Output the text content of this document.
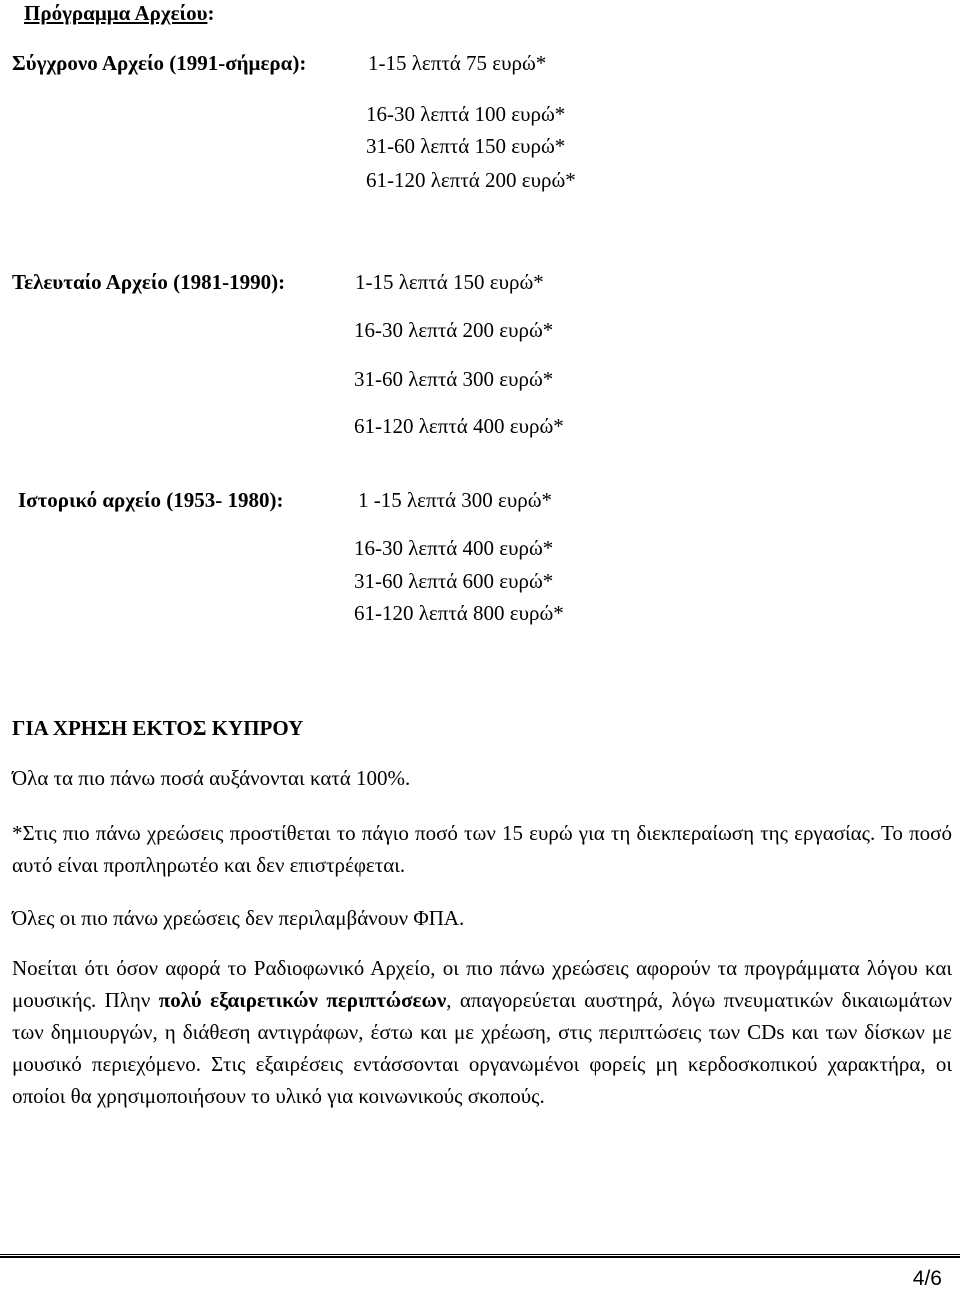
Πρόγραμμα Αρχείου:
Σύγχρονο Αρχείο (1991-σήμερα):	1-15 λεπτά 75 ευρώ*
16-30 λεπτά 100 ευρώ*
31-60 λεπτά 150 ευρώ*
61-120 λεπτά 200 ευρώ*
Τελευταίο Αρχείο (1981-1990):	1-15 λεπτά 150 ευρώ*
16-30 λεπτά 200 ευρώ*
31-60 λεπτά 300 ευρώ*
61-120 λεπτά 400 ευρώ*
Ιστορικό αρχείο (1953- 1980):	1 -15 λεπτά 300 ευρώ*
16-30 λεπτά 400 ευρώ*
31-60 λεπτά 600 ευρώ*
61-120 λεπτά 800 ευρώ*
ΓΙΑ ΧΡΗΣΗ ΕΚΤΟΣ ΚΥΠΡΟΥ
Όλα τα πιο πάνω ποσά αυξάνονται κατά 100%.
*Στις πιο πάνω χρεώσεις προστίθεται το πάγιο ποσό των 15 ευρώ για τη διεκπεραίωση της εργασίας. Το ποσό αυτό είναι προπληρωτέο και δεν επιστρέφεται.
Όλες οι πιο πάνω χρεώσεις δεν περιλαμβάνουν ΦΠΑ.
Νοείται ότι όσον αφορά το Ραδιοφωνικό Αρχείο, οι πιο πάνω χρεώσεις αφορούν τα προγράμματα λόγου και μουσικής. Πλην πολύ εξαιρετικών περιπτώσεων, απαγορεύεται αυστηρά, λόγω πνευματικών δικαιωμάτων των δημιουργών, η διάθεση αντιγράφων, έστω και με χρέωση, στις περιπτώσεις των CDs και των δίσκων με μουσικό περιεχόμενο. Στις εξαιρέσεις εντάσσονται οργανωμένοι φορείς μη κερδοσκοπικού χαρακτήρα, οι οποίοι θα χρησιμοποιήσουν το υλικό για κοινωνικούς σκοπούς.
4/6
